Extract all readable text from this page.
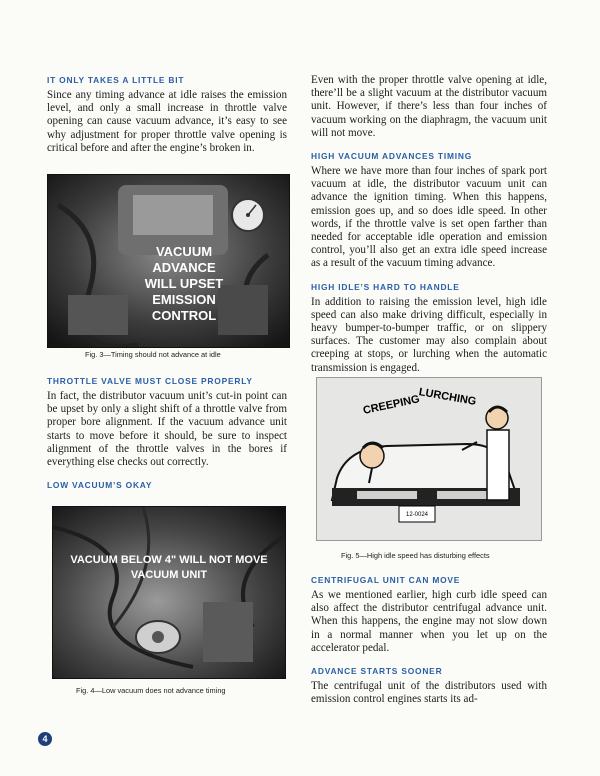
IT ONLY TAKES A LITTLE BIT

Since any timing advance at idle raises the emission level, and only a small increase in throttle valve opening can cause vacuum advance, it’s easy to see why adjustment for proper throttle valve opening is critical before and after the engine’s broken in.

VACUUM
ADVANCE
WILL UPSET
EMISSION
CONTROL
Fig. 3—Timing should not advance at idle
THROTTLE VALVE MUST CLOSE PROPERLY

In fact, the distributor vacuum unit’s cut-in point can be upset by only a slight shift of a throttle valve from proper bore alignment. If the vacuum advance unit starts to move before it should, be sure to inspect alignment of the throttle valves in the bores if everything else checks out correctly.

LOW VACUUM’S OKAY
VACUUM BELOW 4" WILL NOT MOVE
VACUUM UNIT
Fig. 4—Low vacuum does not advance timing

Even with the proper throttle valve opening at idle, there’ll be a slight vacuum at the distributor vacuum unit. However, if there’s less than four inches of vacuum working on the diaphragm, the vacuum unit will not move.

HIGH VACUUM ADVANCES TIMING

Where we have more than four inches of spark port vacuum at idle, the distributor vacuum unit can advance the ignition timing. When this happens, emission goes up, and so does idle speed. In other words, if the throttle valve is set open farther than needed for acceptable idle operation and emission control, you’ll also get an extra idle speed increase as a result of the vacuum timing advance.

HIGH IDLE’S HARD TO HANDLE

In addition to raising the emission level, high idle speed can also make driving difficult, especially in heavy bumper-to-bumper traffic, or on slippery surfaces. The customer may also complain about creeping at stops, or lurching when the automatic transmission is engaged.

12-0024
CREEPING
LURCHING
Fig. 5—High idle speed has disturbing effects
CENTRIFUGAL UNIT CAN MOVE

As we mentioned earlier, high curb idle speed can also affect the distributor centrifugal advance unit. When this happens, the engine may not slow down in a normal manner when you let up on the accelerator pedal.

ADVANCE STARTS SOONER

The centrifugal unit of the distributors used with emission control engines starts its ad-

4
